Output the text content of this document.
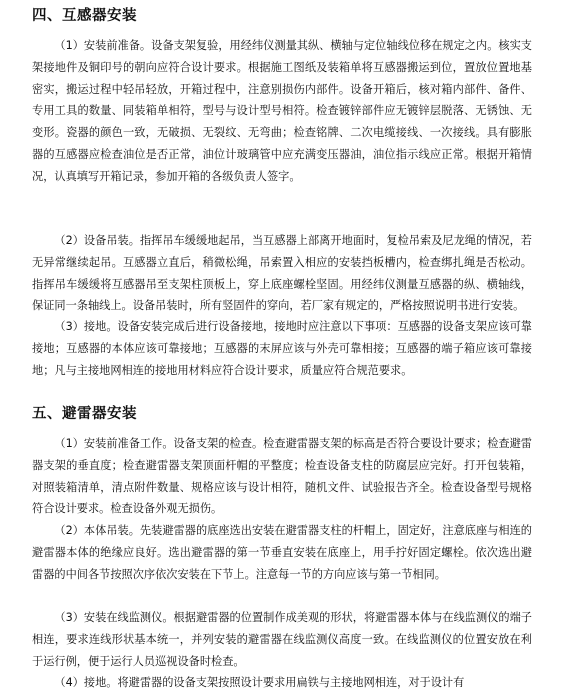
四、互感器安装

（1）安装前准备。设备支架复验，用经纬仪测量其纵、横轴与定位轴线位移在规定之内。核实支架接地件及铜印号的朝向应符合设计要求。根据施工图纸及装箱单将互感器搬运到位，置放位置地基密实，搬运过程中轻吊轻放，开箱过程中，注意别损伤内部件。设备开箱后，核对箱内部件、备件、专用工具的数量、同装箱单相符，型号与设计型号相符。检查镀锌部件应无镀锌层脱落、无锈蚀、无变形。瓷器的颜色一致，无破损、无裂纹、无弯曲；检查铭牌、二次电缆接线、一次接线。具有膨胀器的互感器应检查油位是否正常，油位计玻璃管中应充满变压器油，油位指示线应正常。根据开箱情况，认真填写开箱记录，参加开箱的各级负责人签字。

（2）设备吊装。指挥吊车缓缓地起吊，当互感器上部离开地面时，复检吊索及尼龙绳的情况，若无异常继续起吊。互感器立直后，稍微松绳，吊索置入相应的安装挡板槽内，检查绑扎绳是否松动。指挥吊车缓缓将互感器吊至支架柱顶板上，穿上底座螺栓坚固。用经纬仪测量互感器的纵、横轴线，保证同一条轴线上。设备吊装时，所有竖固件的穿向，若厂家有规定的，严格按照说明书进行安装。

（3）接地。设备安装完成后进行设备接地，接地时应注意以下事项：互感器的设备支架应该可靠接地；互感器的本体应该可靠接地；互感器的末屏应该与外壳可靠相接；互感器的端子箱应该可靠接地；凡与主接地网相连的接地用材料应符合设计要求，质量应符合规范要求。

五、避雷器安装

（1）安装前准备工作。设备支架的检查。检查避雷器支架的标高是否符合要设计要求；检查避雷器支架的垂直度；检查避雷器支架顶面杆帽的平整度；检查设备支柱的防腐层应完好。打开包装箱，对照装箱清单，清点附件数量、规格应该与设计相符，随机文件、试验报告齐全。检查设备型号规格符合设计要求。检查设备外观无损伤。

（2）本体吊装。先装避雷器的底座选出安装在避雷器支柱的杆帽上，固定好，注意底座与相连的避雷器本体的绝缘应良好。选出避雷器的第一节垂直安装在底座上，用手拧好固定螺栓。依次选出避雷器的中间各节按照次序依次安装在下节上。注意每一节的方向应该与第一节相同。

（3）安装在线监测仪。根据避雷器的位置制作成美观的形状，将避雷器本体与在线监测仪的端子相连，要求连线形状基本统一，并列安装的避雷器在线监测仪高度一致。在线监测仪的位置安放在利于运行例，便于运行人员巡视设备时检查。

（4）接地。将避雷器的设备支架按照设计要求用扁铁与主接地网相连，对于设计有
